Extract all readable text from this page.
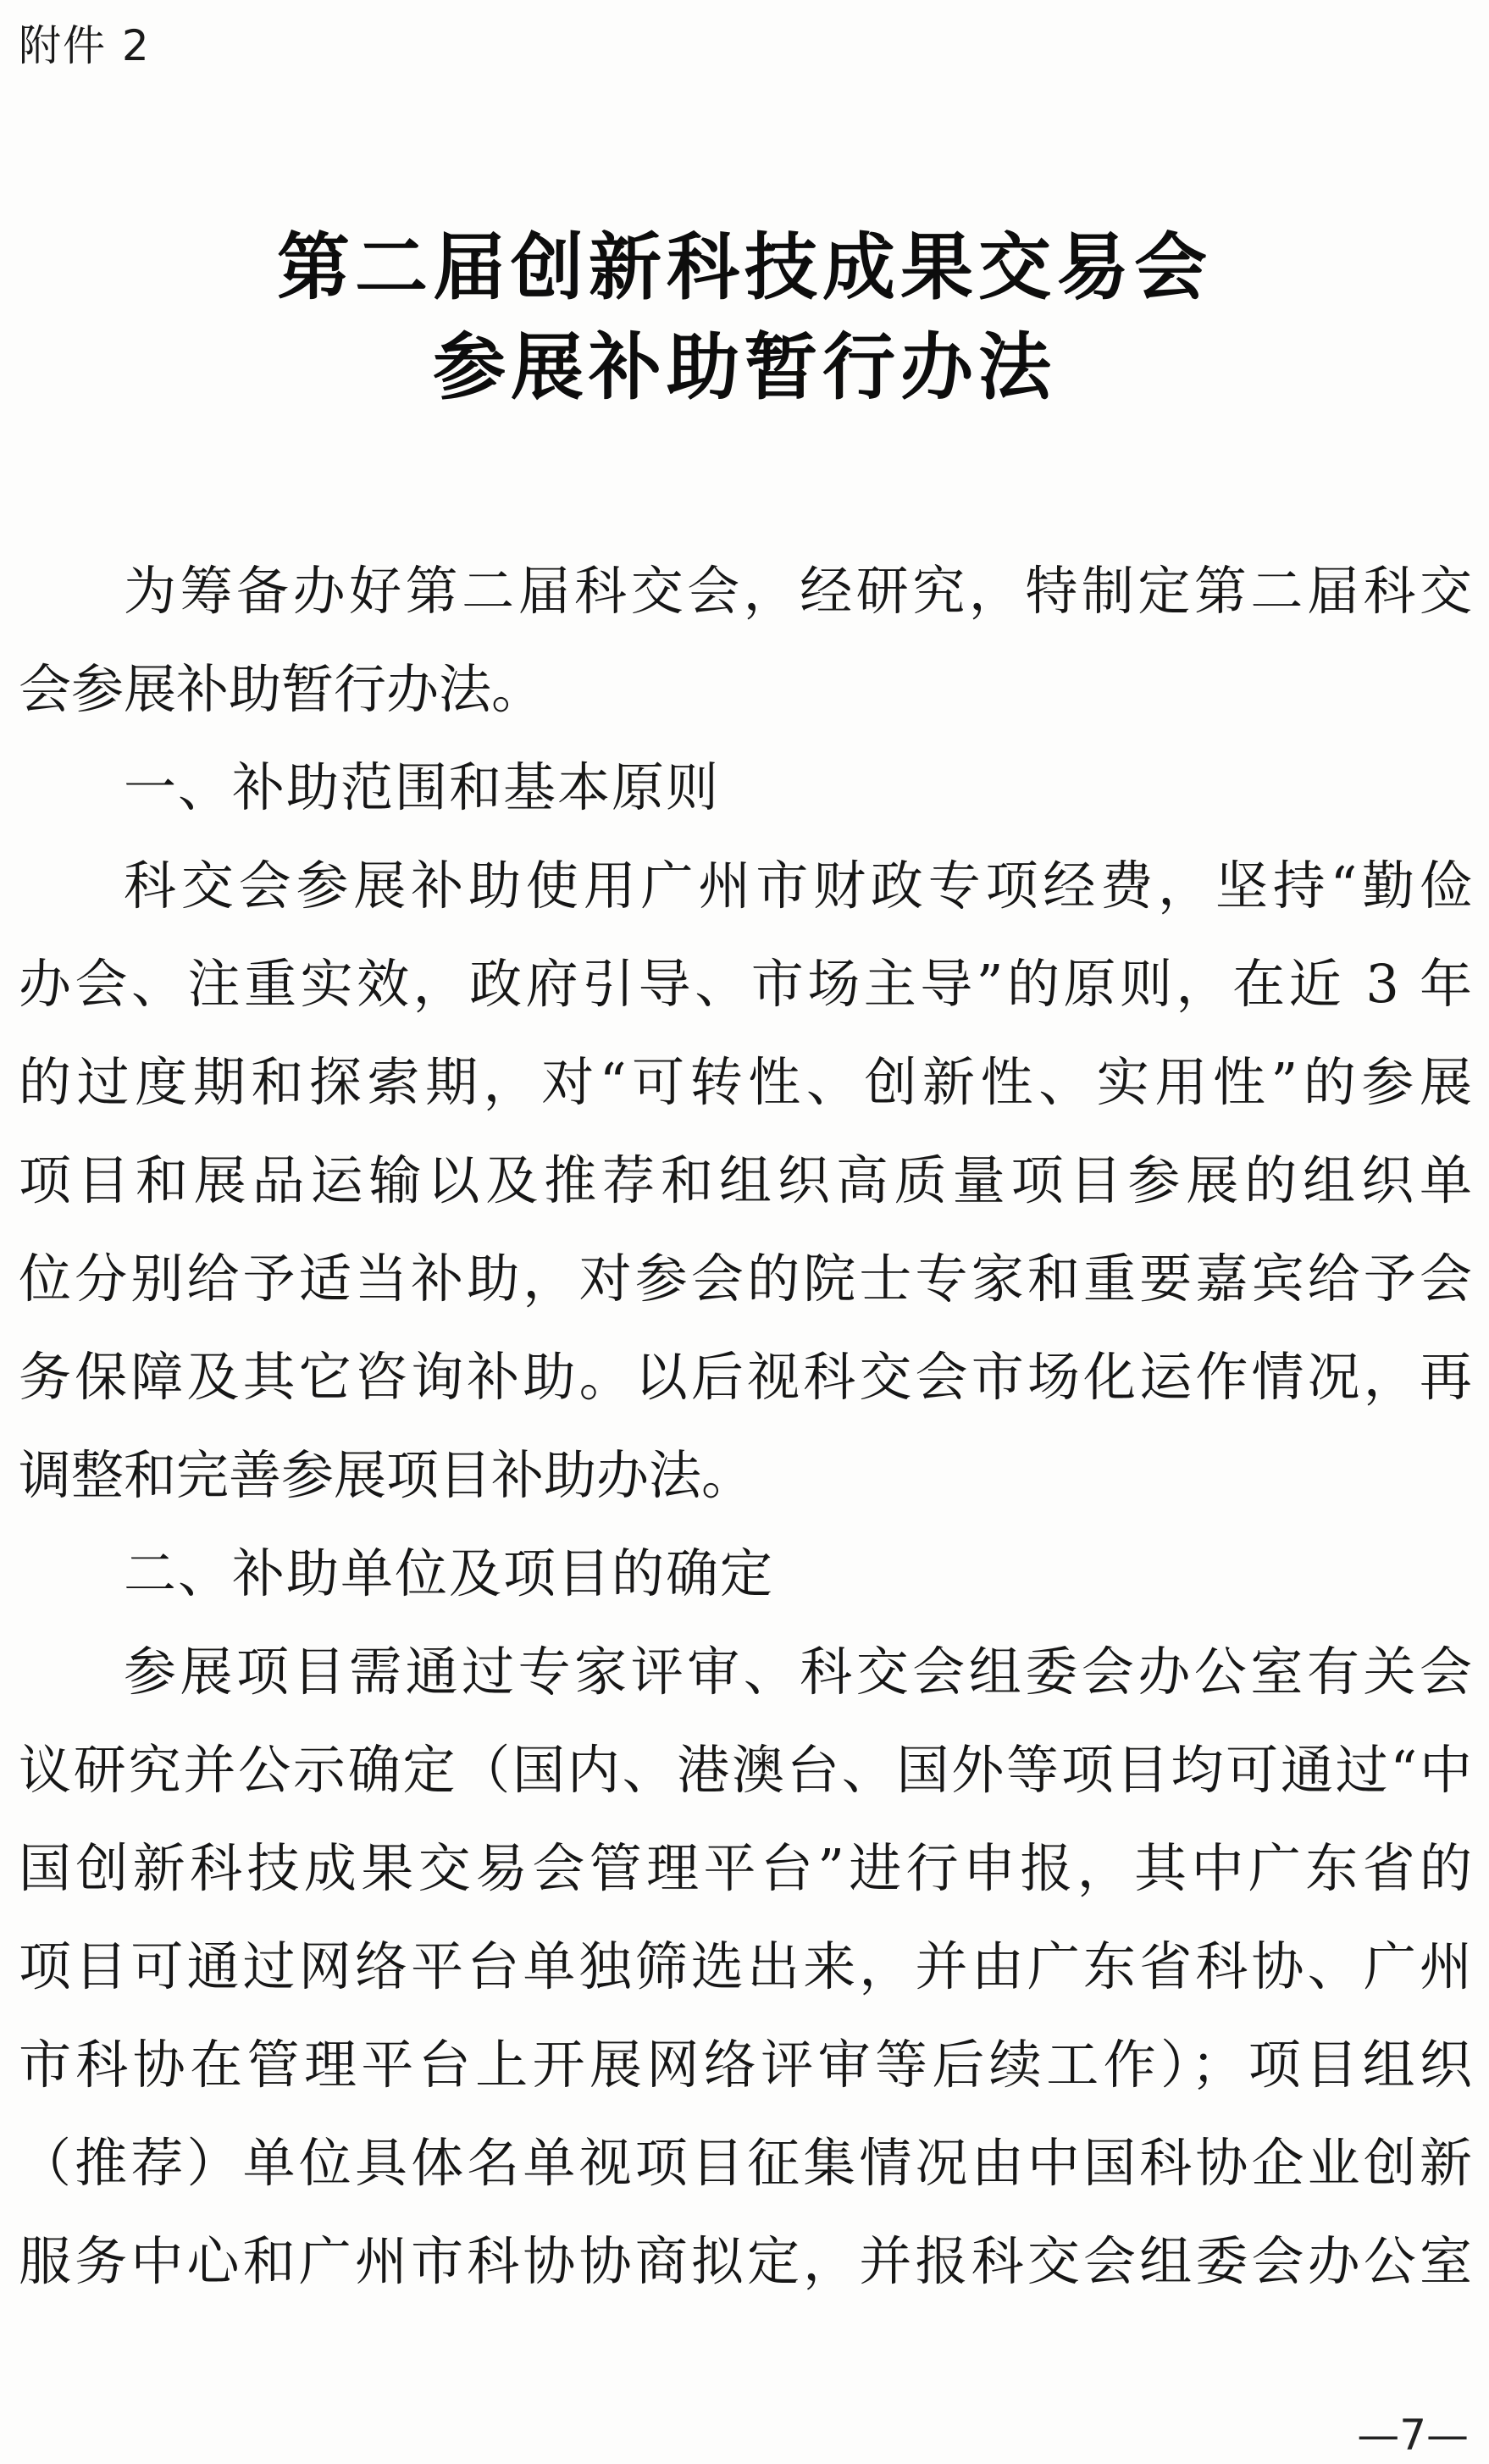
附件 2
第二届创新科技成果交易会
参展补助暂行办法
为筹备办好第二届科交会，经研究，特制定第二届科交
会参展补助暂行办法。
一、补助范围和基本原则
科交会参展补助使用广州市财政专项经费，坚持“勤俭
办会、注重实效，政府引导、市场主导”的原则，在近 3 年
的过度期和探索期，对“可转性、创新性、实用性”的参展
项目和展品运输以及推荐和组织高质量项目参展的组织单
位分别给予适当补助，对参会的院士专家和重要嘉宾给予会
务保障及其它咨询补助。以后视科交会市场化运作情况，再
调整和完善参展项目补助办法。
二、补助单位及项目的确定
参展项目需通过专家评审、科交会组委会办公室有关会
议研究并公示确定（国内、港澳台、国外等项目均可通过“中
国创新科技成果交易会管理平台”进行申报，其中广东省的
项目可通过网络平台单独筛选出来，并由广东省科协、广州
市科协在管理平台上开展网络评审等后续工作）；项目组织
（推荐）单位具体名单视项目征集情况由中国科协企业创新
服务中心和广州市科协协商拟定，并报科交会组委会办公室
—7—
